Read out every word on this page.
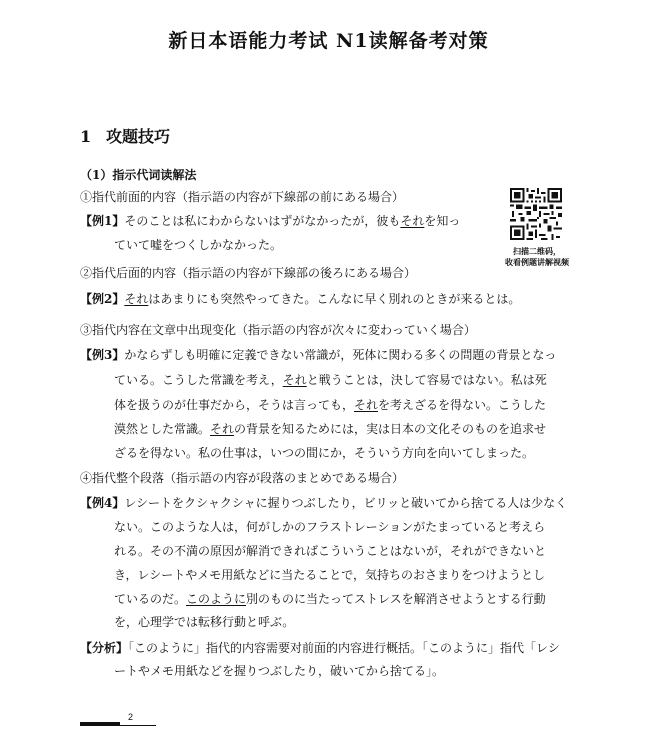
新日本语能力考试 N1读解备考对策
1 攻题技巧
（1）指示代词读解法
扫描二维码，
收看例题讲解视频
①指代前面的内容（指示語の内容が下線部の前にある場合）
【例1】そのことは私にわからないはずがなかったが，彼もそれを知っ
ていて嘘をつくしかなかった。
②指代后面的内容（指示語の内容が下線部の後ろにある場合）
【例2】それはあまりにも突然やってきた。こんなに早く別れのときが来るとは。
③指代内容在文章中出现变化（指示語の内容が次々に変わっていく場合）
【例3】かならずしも明確に定義できない常識が，死体に関わる多くの問題の背景となっ
ている。こうした常識を考え，それと戦うことは，決して容易ではない。私は死
体を扱うのが仕事だから，そうは言っても，それを考えざるを得ない。こうした
漠然とした常識。それの背景を知るためには，実は日本の文化そのものを追求せ
ざるを得ない。私の仕事は，いつの間にか，そういう方向を向いてしまった。
④指代整个段落（指示語の内容が段落のまとめである場合）
【例4】レシートをクシャクシャに握りつぶしたり，ビリッと破いてから捨てる人は少なく
ない。このような人は，何がしかのフラストレーションがたまっていると考えら
れる。その不満の原因が解消できればこういうことはないが，それができないと
き，レシートやメモ用紙などに当たることで，気持ちのおさまりをつけようとし
ているのだ。このように別のものに当たってストレスを解消させようとする行動
を，心理学では転移行動と呼ぶ。
【分析】「このように」指代的内容需要对前面的内容进行概括。「このように」指代「レシ
ートやメモ用紙などを握りつぶしたり，破いてから捨てる」。
2
